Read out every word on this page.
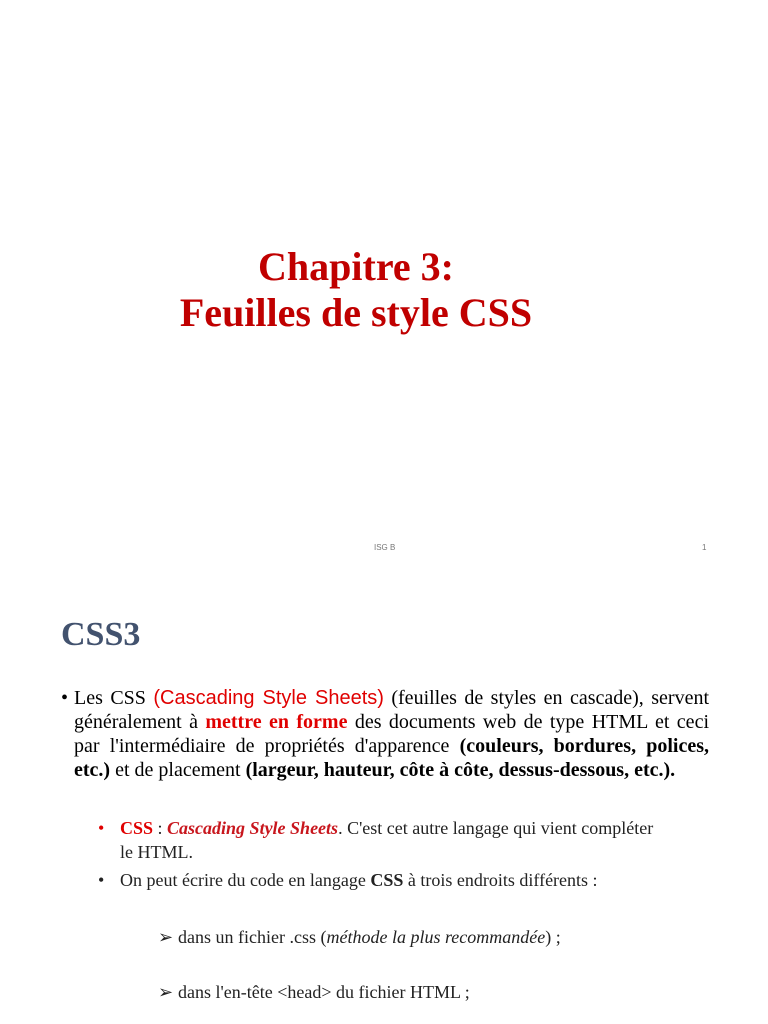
Chapitre 3:
Feuilles de style CSS
ISG B	1
CSS3
• Les CSS (Cascading Style Sheets) (feuilles de styles en cascade), servent généralement à mettre en forme des documents web de type HTML et ceci par l'intermédiaire de propriétés d'apparence (couleurs, bordures, polices, etc.) et de placement (largeur, hauteur, côte à côte, dessus-dessous, etc.).
• CSS : Cascading Style Sheets. C'est cet autre langage qui vient compléter le HTML.
• On peut écrire du code en langage CSS à trois endroits différents :
➢ dans un fichier .css (méthode la plus recommandée) ;
➢ dans l'en-tête <head> du fichier HTML ;
